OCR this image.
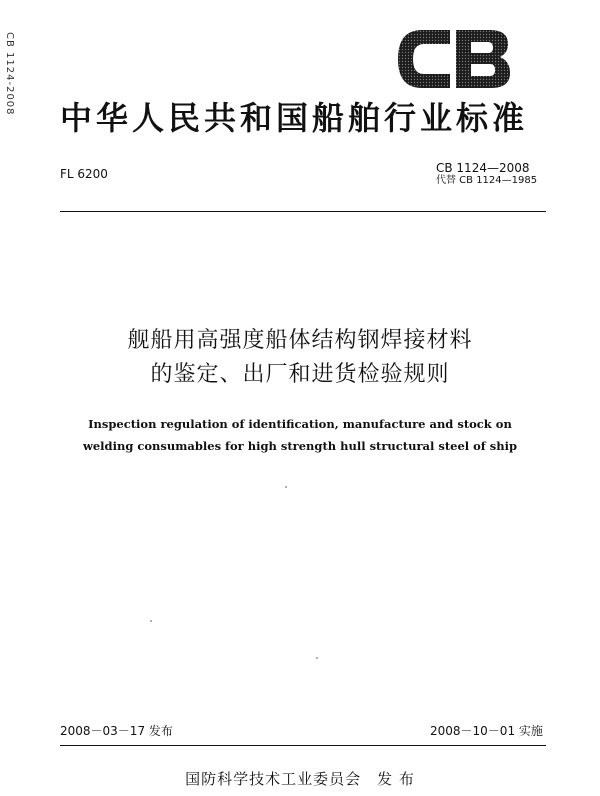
CB 1124-2008
中华人民共和国船舶行业标准
FL 6200	CB 1124—2008
代替 CB 1124—1985
舰船用高强度船体结构钢焊接材料
的鉴定、出厂和进货检验规则
Inspection regulation of identification, manufacture and stock on
welding consumables for high strength hull structural steel of ship
2008－03－17 发布	2008－10－01 实施
国防科学技术工业委员会　发 布
